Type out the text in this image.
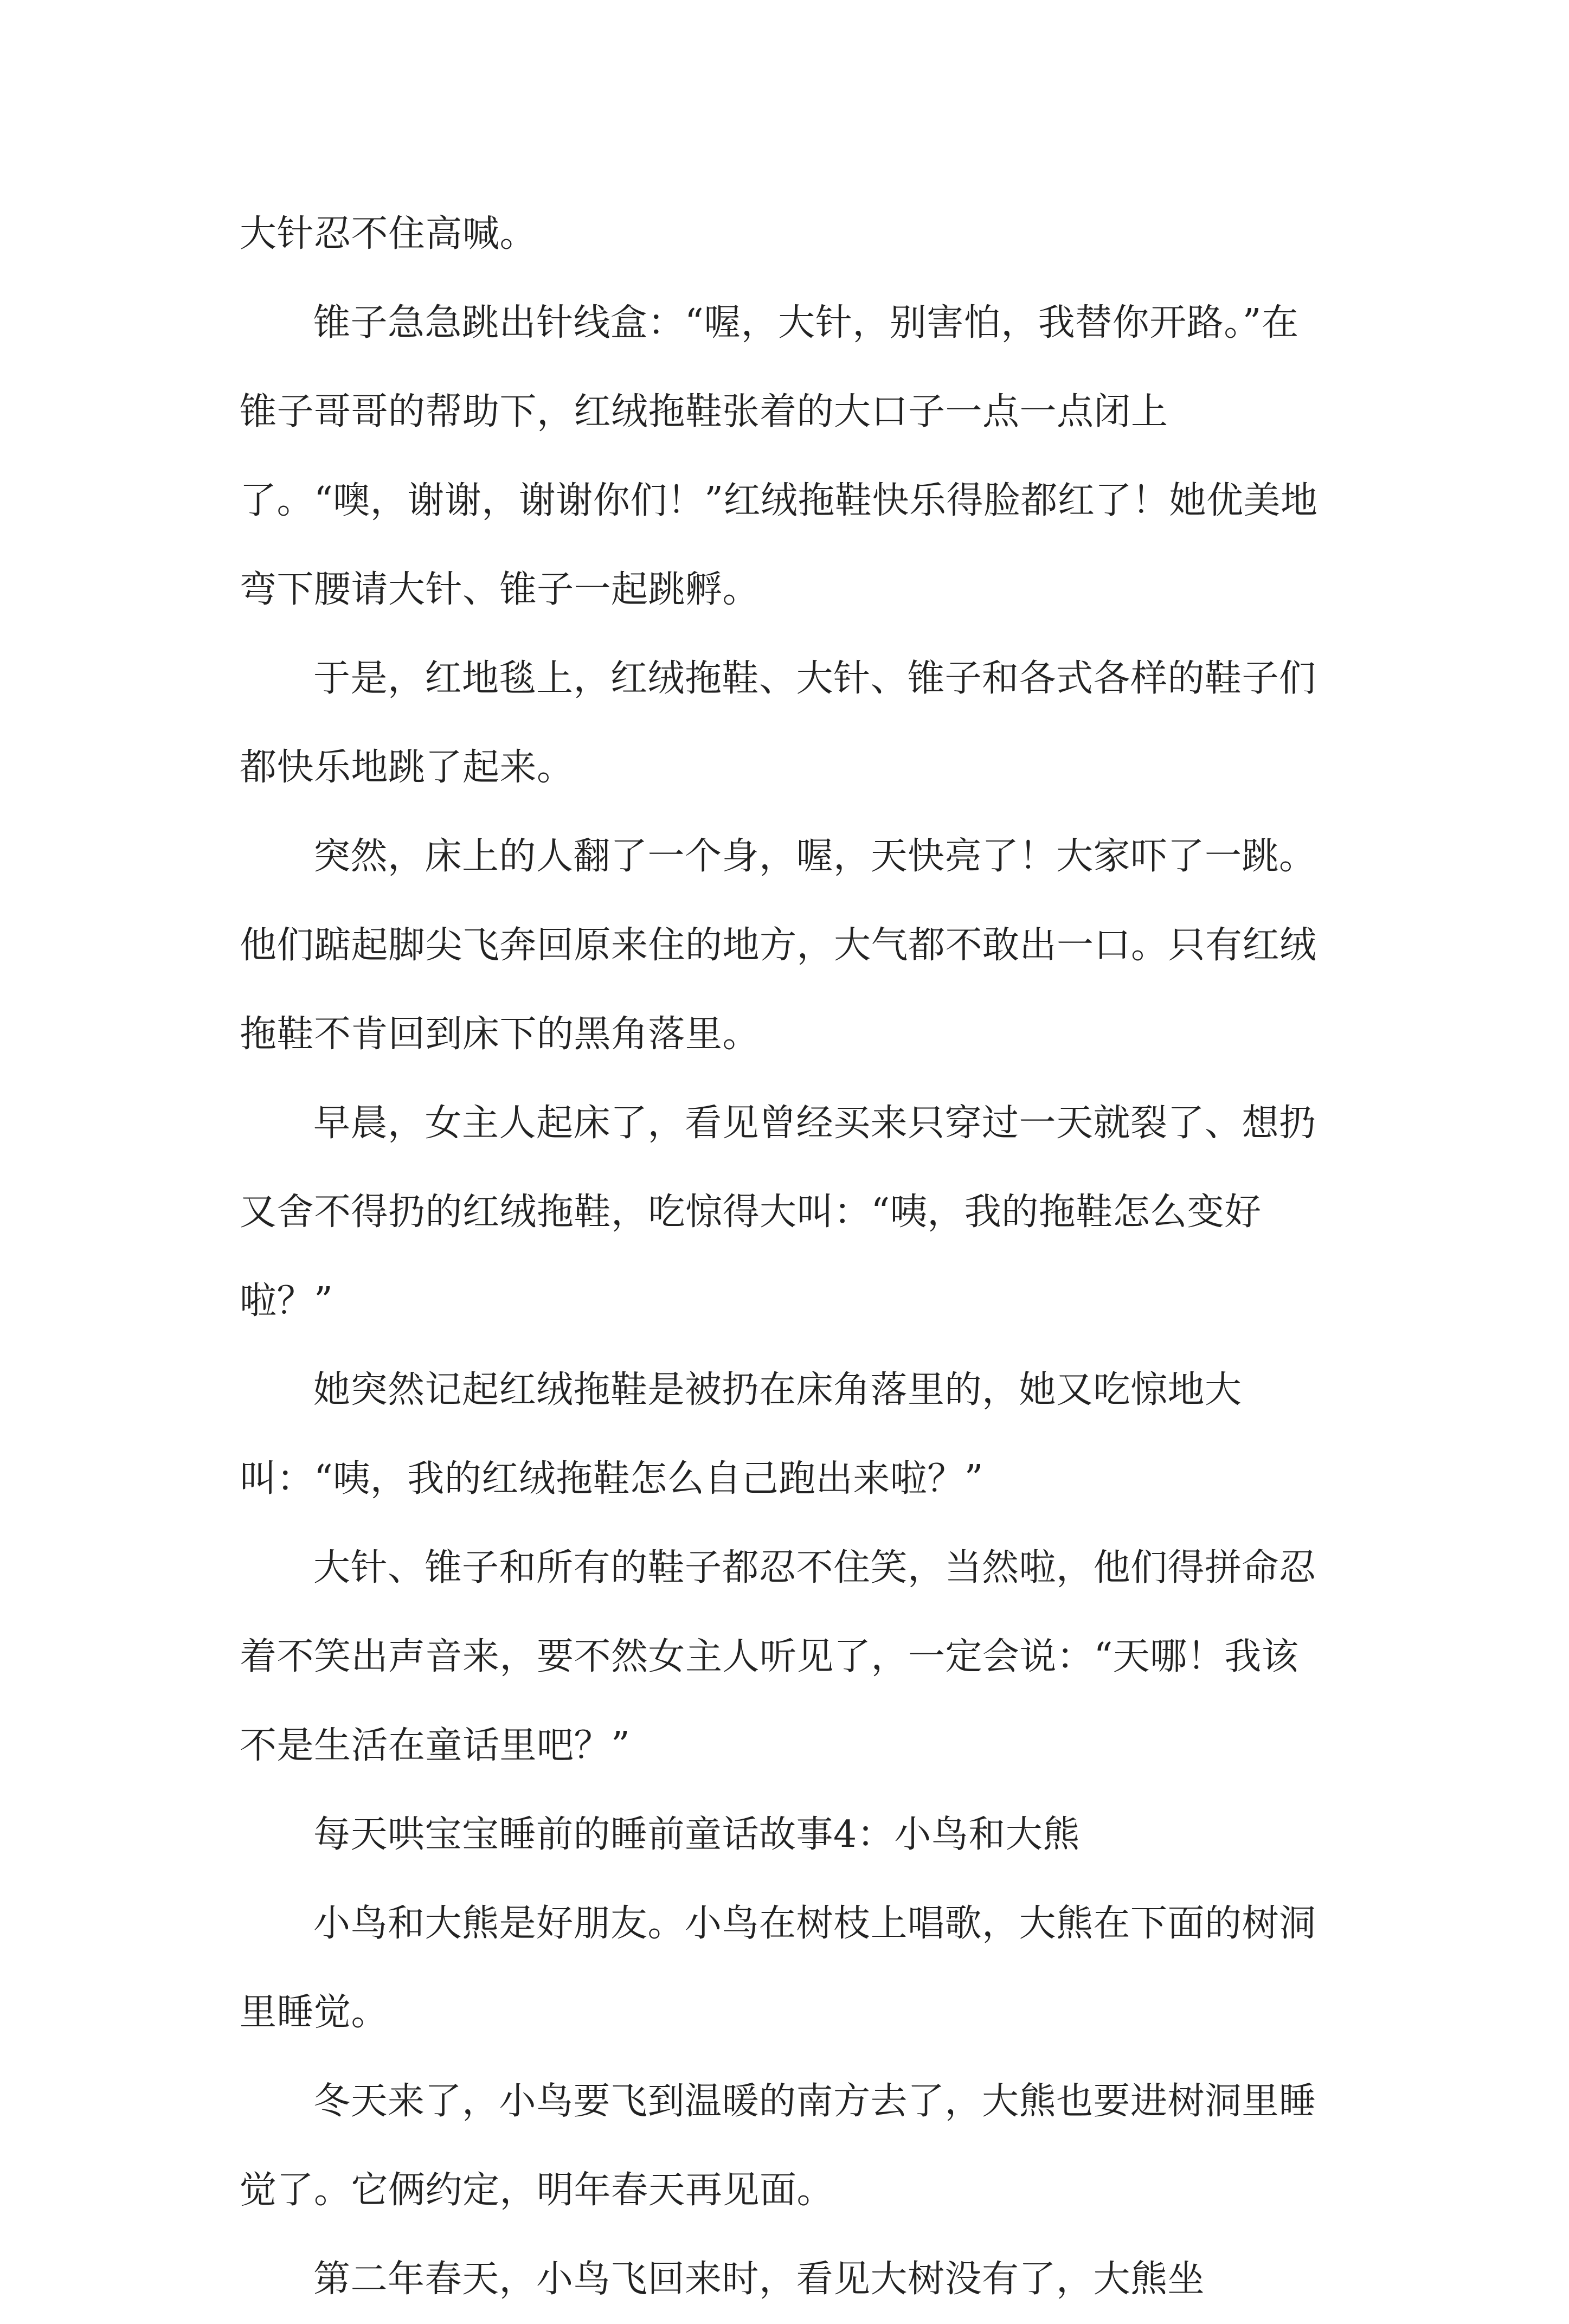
大针忍不住高喊。

锥子急急跳出针线盒：“喔，大针，别害怕，我替你开路。”在锥子哥哥的帮助下，红绒拖鞋张着的大口子一点一点闭上了。“噢，谢谢，谢谢你们！”红绒拖鞋快乐得脸都红了！她优美地弯下腰请大针、锥子一起跳孵。

于是，红地毯上，红绒拖鞋、大针、锥子和各式各样的鞋子们都快乐地跳了起来。

突然，床上的人翻了一个身，喔，天快亮了！大家吓了一跳。他们踮起脚尖飞奔回原来住的地方，大气都不敢出一口。只有红绒拖鞋不肯回到床下的黑角落里。

早晨，女主人起床了，看见曾经买来只穿过一天就裂了、想扔又舍不得扔的红绒拖鞋，吃惊得大叫：“咦，我的拖鞋怎么变好啦？”

她突然记起红绒拖鞋是被扔在床角落里的，她又吃惊地大叫：“咦，我的红绒拖鞋怎么自己跑出来啦？”

大针、锥子和所有的鞋子都忍不住笑，当然啦，他们得拼命忍着不笑出声音来，要不然女主人听见了，一定会说：“天哪！我该不是生活在童话里吧？”

每天哄宝宝睡前的睡前童话故事4：小鸟和大熊

小鸟和大熊是好朋友。小鸟在树枝上唱歌，大熊在下面的树洞里睡觉。

冬天来了，小鸟要飞到温暖的南方去了，大熊也要进树洞里睡觉了。它俩约定，明年春天再见面。

第二年春天，小鸟飞回来时，看见大树没有了，大熊坐
